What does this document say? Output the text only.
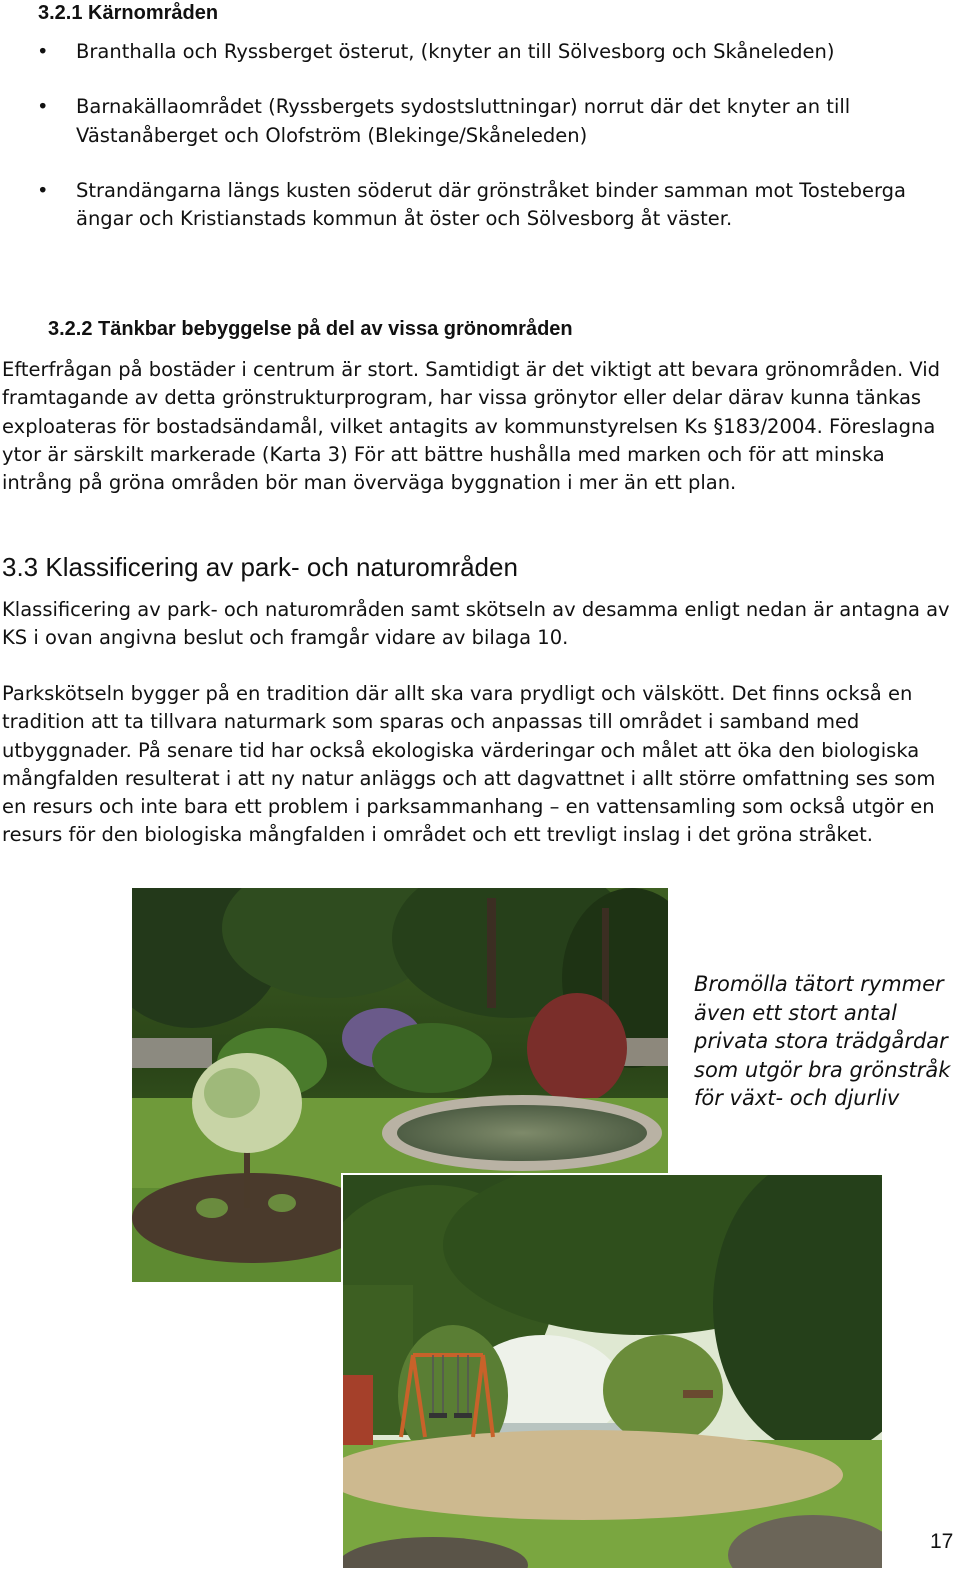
3.2.1 Kärnområden
• Branthalla och Ryssberget österut, (knyter an till Sölvesborg och Skåneleden)
• Barnakällaområdet (Ryssbergets sydostsluttningar) norrut där det knyter an till Västanåberget och Olofström (Blekinge/Skåneleden)
• Strandängarna längs kusten söderut där grönstråket binder samman mot Tosteberga ängar och Kristianstads kommun åt öster och Sölvesborg åt väster.
3.2.2 Tänkbar bebyggelse på del av vissa grönområden

Efterfrågan på bostäder i centrum är stort. Samtidigt är det viktigt att bevara grönområden. Vid framtagande av detta grönstrukturprogram, har vissa grönytor eller delar därav kunna tänkas exploateras för bostadsändamål, vilket antagits av kommunstyrelsen Ks §183/2004. Föreslagna ytor är särskilt markerade (Karta 3) För att bättre hushålla med marken och för att minska intrång på gröna områden bör man överväga byggnation i mer än ett plan.

3.3 Klassificering av park- och naturområden

Klassificering av park- och naturområden samt skötseln av desamma enligt nedan är antagna av KS i ovan angivna beslut och framgår vidare av bilaga 10.

Parkskötseln bygger på en tradition där allt ska vara prydligt och välskött. Det finns också en tradition att ta tillvara naturmark som sparas och anpassas till området i samband med utbyggnader. På senare tid har också ekologiska värderingar och målet att öka den biologiska mångfalden resulterat i att ny natur anläggs och att dagvattnet i allt större omfattning ses som en resurs och inte bara ett problem i parksammanhang – en vattensamling som också utgör en resurs för den biologiska mångfalden i området och ett trevligt inslag i det gröna stråket.

Bromölla tätort rymmer även ett stort antal privata stora trädgårdar som utgör bra grönstråk för växt- och djurliv
17
